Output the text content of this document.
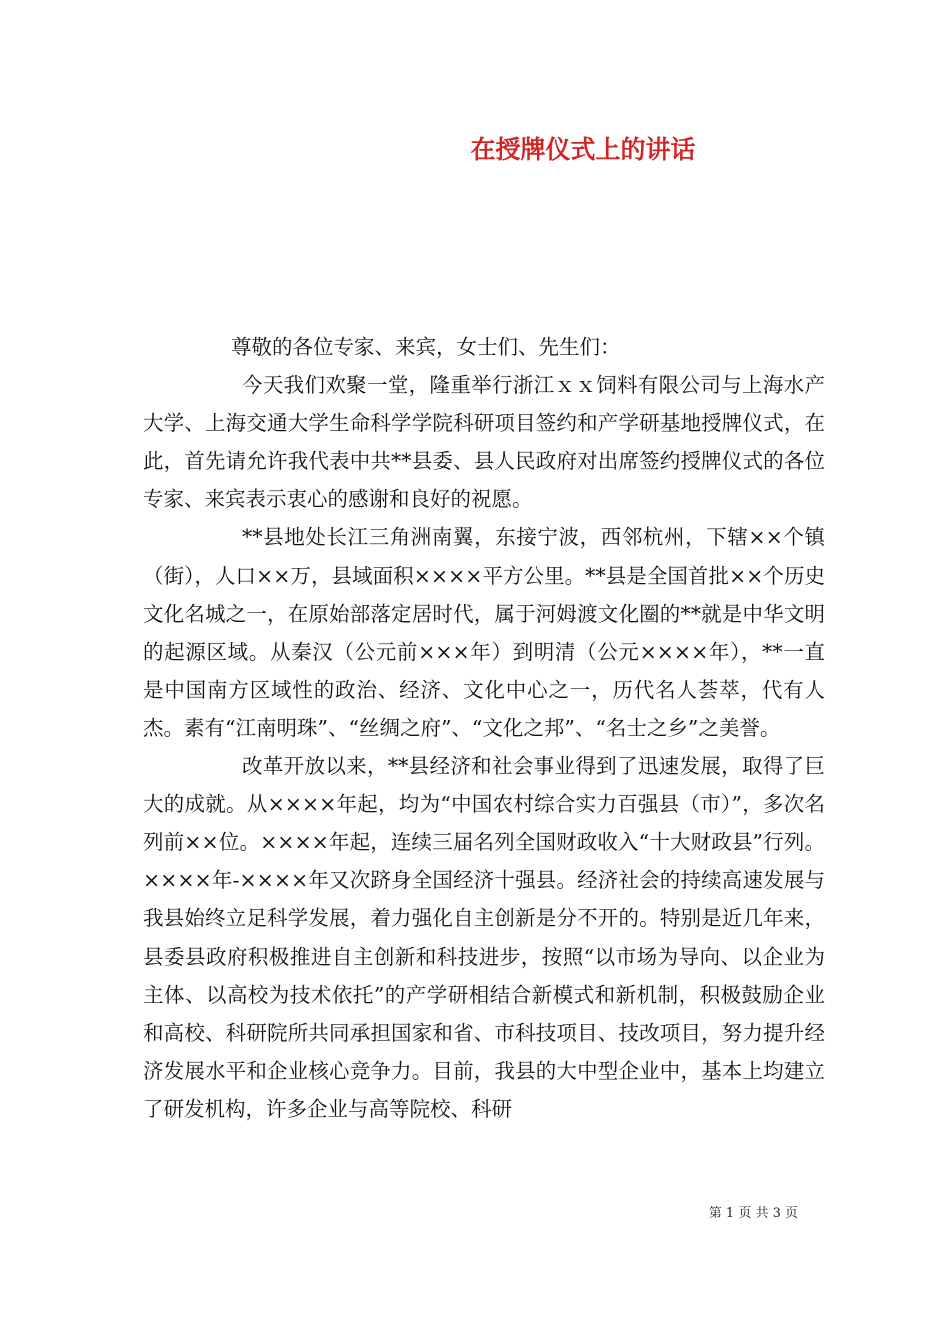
在授牌仪式上的讲话

尊敬的各位专家、来宾，女士们、先生们：

今天我们欢聚一堂，隆重举行浙江ｘｘ饲料有限公司与上海水产大学、上海交通大学生命科学学院科研项目签约和产学研基地授牌仪式，在此，首先请允许我代表中共**县委、县人民政府对出席签约授牌仪式的各位专家、来宾表示衷心的感谢和良好的祝愿。

**县地处长江三角洲南翼，东接宁波，西邻杭州，下辖××个镇（街），人口××万，县域面积××××平方公里。**县是全国首批××个历史文化名城之一，在原始部落定居时代，属于河姆渡文化圈的**就是中华文明的起源区域。从秦汉（公元前×××年）到明清（公元××××年），**一直是中国南方区域性的政治、经济、文化中心之一，历代名人荟萃，代有人杰。素有“江南明珠”、“丝绸之府”、“文化之邦”、“名士之乡”之美誉。

改革开放以来，**县经济和社会事业得到了迅速发展，取得了巨大的成就。从××××年起，均为“中国农村综合实力百强县（市）”，多次名列前××位。××××年起，连续三届名列全国财政收入“十大财政县”行列。××××年-××××年又次跻身全国经济十强县。经济社会的持续高速发展与我县始终立足科学发展，着力强化自主创新是分不开的。特别是近几年来，县委县政府积极推进自主创新和科技进步，按照“以市场为导向、以企业为主体、以高校为技术依托”的产学研相结合新模式和新机制，积极鼓励企业和高校、科研院所共同承担国家和省、市科技项目、技改项目，努力提升经济发展水平和企业核心竞争力。目前，我县的大中型企业中，基本上均建立了研发机构，许多企业与高等院校、科研

第 1 页 共 3 页
